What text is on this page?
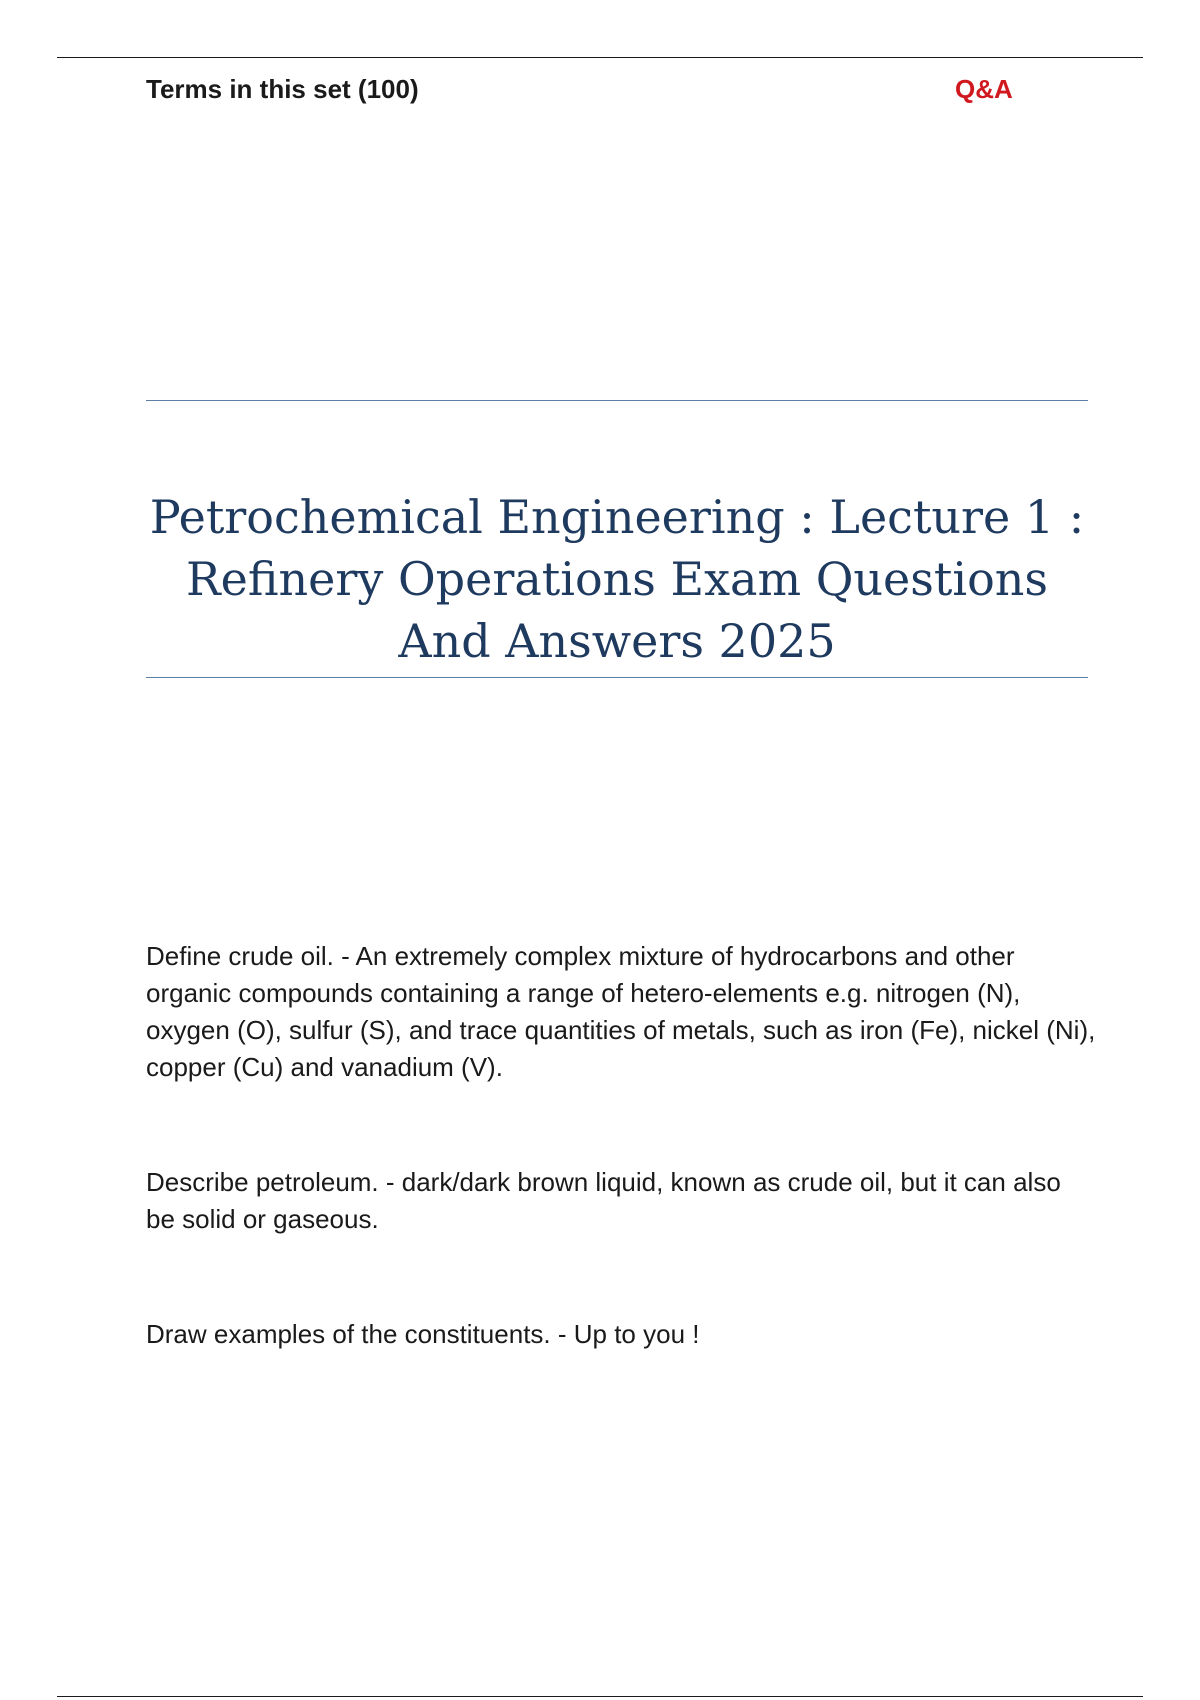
Terms in this set (100)	Q&A
Petrochemical Engineering : Lecture 1 : Refinery Operations Exam Questions And Answers 2025

Define crude oil. - An extremely complex mixture of hydrocarbons and other organic compounds containing a range of hetero-elements e.g. nitrogen (N), oxygen (O), sulfur (S), and trace quantities of metals, such as iron (Fe), nickel (Ni), copper (Cu) and vanadium (V).

Describe petroleum. - dark/dark brown liquid, known as crude oil, but it can also be solid or gaseous.

Draw examples of the constituents. - Up to you !
